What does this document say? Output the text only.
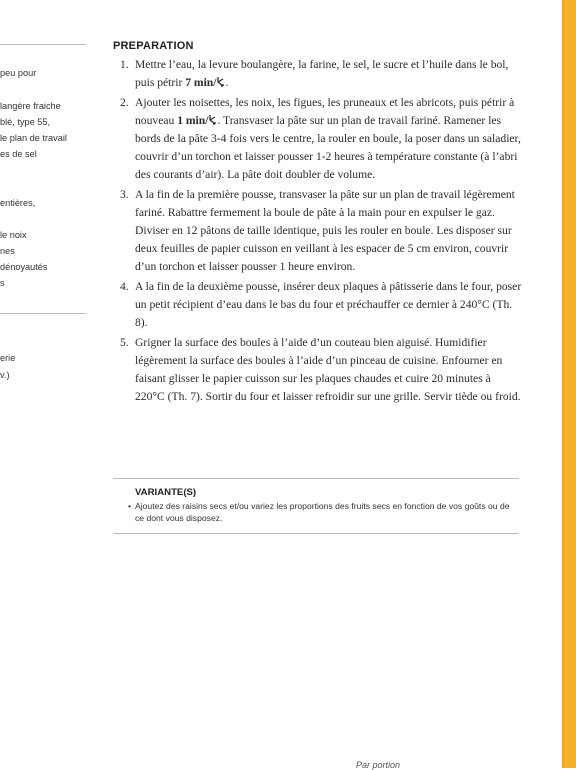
peu pour
langère fraiche
blé, type 55,
le plan de travail
es de sel
entières,
le noix
nes
dénoyautés
s
erie
v.)
PREPARATION
1. Mettre l’eau, la levure boulangère, la farine, le sel, le sucre et l’huile dans le bol, puis pétrir 7 min/ .
2. Ajouter les noisettes, les noix, les figues, les pruneaux et les abricots, puis pétrir à nouveau 1 min/ . Transvaser la pâte sur un plan de travail fariné. Ramener les bords de la pâte 3-4 fois vers le centre, la rouler en boule, la poser dans un saladier, couvrir d’un torchon et laisser pousser 1-2 heures à température constante (à l’abri des courants d’air). La pâte doit doubler de volume.
3. A la fin de la première pousse, transvaser la pâte sur un plan de travail légèrement fariné. Rabattre fermement la boule de pâte à la main pour en expulser le gaz. Diviser en 12 pâtons de taille identique, puis les rouler en boule. Les disposer sur deux feuilles de papier cuisson en veillant à les espacer de 5 cm environ, couvrir d’un torchon et laisser pousser 1 heure environ.
4. A la fin de la deuxième pousse, insérer deux plaques à pâtisserie dans le four, poser un petit récipient d’eau dans le bas du four et préchauffer ce dernier à 240°C (Th. 8).
5. Grigner la surface des boules à l’aide d’un couteau bien aiguisé. Humidifier légèrement la surface des boules à l’aide d’un pinceau de cuisine. Enfourner en faisant glisser le papier cuisson sur les plaques chaudes et cuire 20 minutes à 220°C (Th. 7). Sortir du four et laisser refroidir sur une grille. Servir tiède ou froid.
VARIANTE(S)
• Ajoutez des raisins secs et/ou variez les proportions des fruits secs en fonction de vos goûts ou de ce dont vous disposez.
Par portion
